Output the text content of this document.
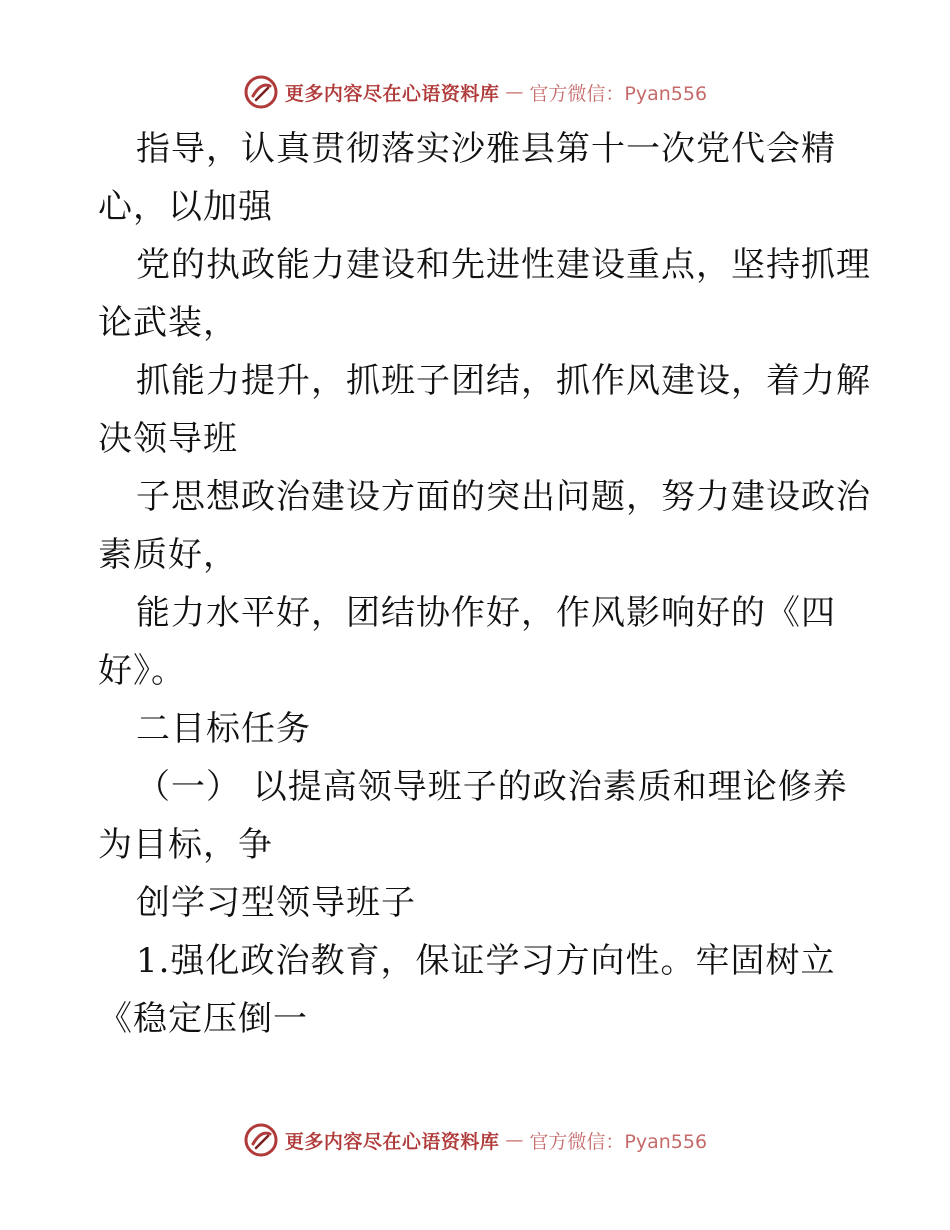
更多内容尽在心语资料库 — 官方微信：Pyan556
指导，认真贯彻落实沙雅县第十一次党代会精
心，以加强
党的执政能力建设和先进性建设重点，坚持抓理
论武装，
抓能力提升，抓班子团结，抓作风建设，着力解
决领导班
子思想政治建设方面的突出问题，努力建设政治
素质好，
能力水平好，团结协作好，作风影响好的《四
好》。
二目标任务
（一） 以提高领导班子的政治素质和理论修养
为目标，争
创学习型领导班子
1.强化政治教育，保证学习方向性。牢固树立
《稳定压倒一
更多内容尽在心语资料库 — 官方微信：Pyan556
